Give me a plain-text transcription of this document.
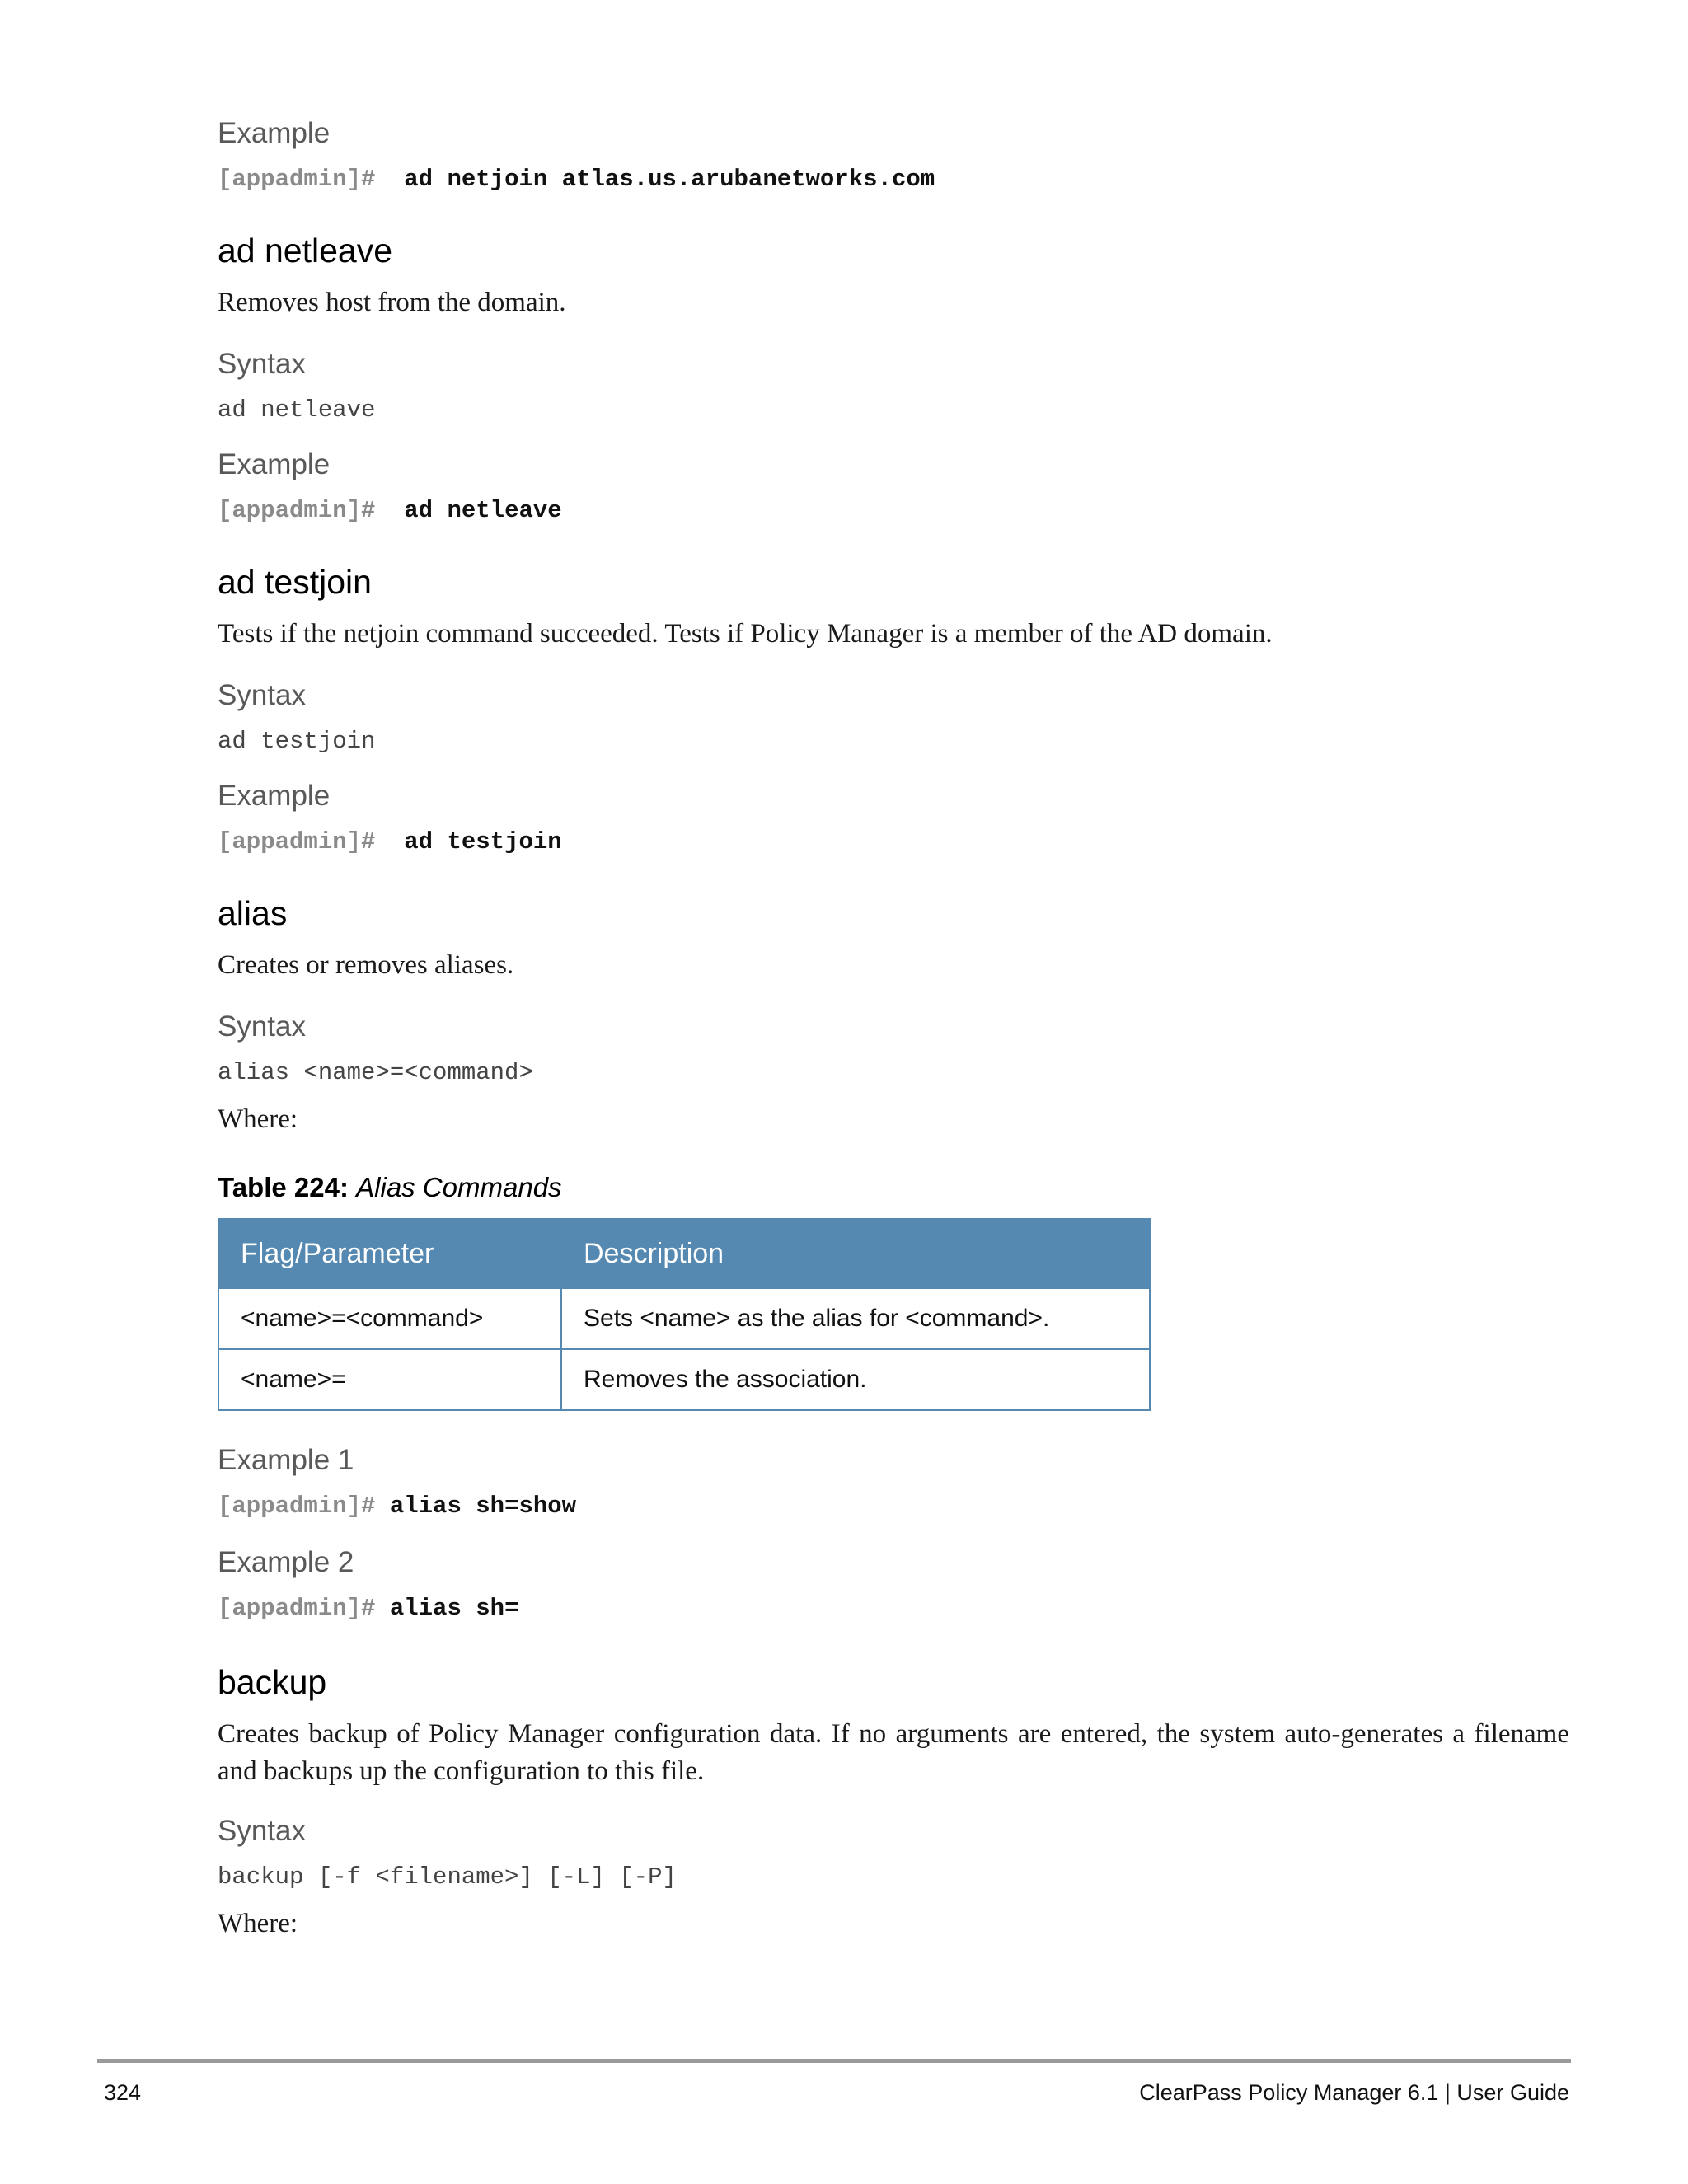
Example
[appadmin]# ad netjoin atlas.us.arubanetworks.com
ad netleave
Removes host from the domain.
Syntax
ad netleave
Example
[appadmin]# ad netleave
ad testjoin
Tests if the netjoin command succeeded. Tests if Policy Manager is a member of the AD domain.
Syntax
ad testjoin
Example
[appadmin]# ad testjoin
alias
Creates or removes aliases.
Syntax
alias <name>=<command>
Where:
Table 224: Alias Commands
Flag/Parameter	Description
<name>=<command>	Sets <name> as the alias for <command>.
<name>=	Removes the association.
Example 1
[appadmin]# alias sh=show
Example 2
[appadmin]# alias sh=
backup
Creates backup of Policy Manager configuration data. If no arguments are entered, the system auto-generates a filename and backups up the configuration to this file.
Syntax
backup [-f <filename>] [-L] [-P]
Where:
324	ClearPass Policy Manager 6.1 | User Guide
